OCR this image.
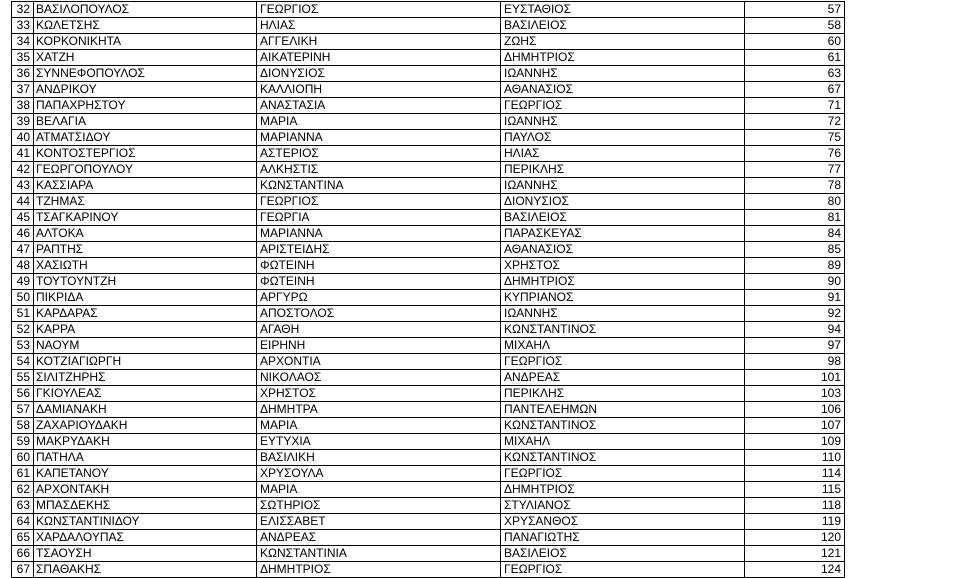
32	ΒΑΣΙΛΟΠΟΥΛΟΣ	ΓΕΩΡΓΙΟΣ	ΕΥΣΤΑΘΙΟΣ	57
33	ΚΩΛΕΤΣΗΣ	ΗΛΙΑΣ	ΒΑΣΙΛΕΙΟΣ	58
34	ΚΟΡΚΟΝΙΚΗΤΑ	ΑΓΓΕΛΙΚΗ	ΖΩΗΣ	60
35	ΧΑΤΖΗ	ΑΙΚΑΤΕΡΙΝΗ	ΔΗΜΗΤΡΙΟΣ	61
36	ΣΥΝΝΕΦΟΠΟΥΛΟΣ	ΔΙΟΝΥΣΙΟΣ	ΙΩΑΝΝΗΣ	63
37	ΑΝΔΡΙΚΟΥ	ΚΑΛΛΙΟΠΗ	ΑΘΑΝΑΣΙΟΣ	67
38	ΠΑΠΑΧΡΗΣΤΟΥ	ΑΝΑΣΤΑΣΙΑ	ΓΕΩΡΓΙΟΣ	71
39	ΒΕΛΑΓΙΑ	ΜΑΡΙΑ	ΙΩΑΝΝΗΣ	72
40	ΑΤΜΑΤΣΙΔΟΥ	ΜΑΡΙΑΝΝΑ	ΠΑΥΛΟΣ	75
41	ΚΟΝΤΟΣΤΕΡΓΙΟΣ	ΑΣΤΕΡΙΟΣ	ΗΛΙΑΣ	76
42	ΓΕΩΡΓΟΠΟΥΛΟΥ	ΑΛΚΗΣΤΙΣ	ΠΕΡΙΚΛΗΣ	77
43	ΚΑΣΣΙΑΡΑ	ΚΩΝΣΤΑΝΤΙΝΑ	ΙΩΑΝΝΗΣ	78
44	ΤΖΗΜΑΣ	ΓΕΩΡΓΙΟΣ	ΔΙΟΝΥΣΙΟΣ	80
45	ΤΣΑΓΚΑΡΙΝΟΥ	ΓΕΩΡΓΙΑ	ΒΑΣΙΛΕΙΟΣ	81
46	ΑΛΤΟΚΑ	ΜΑΡΙΑΝΝΑ	ΠΑΡΑΣΚΕΥΑΣ	84
47	ΡΑΠΤΗΣ	ΑΡΙΣΤΕΙΔΗΣ	ΑΘΑΝΑΣΙΟΣ	85
48	ΧΑΣΙΩΤΗ	ΦΩΤΕΙΝΗ	ΧΡΗΣΤΟΣ	89
49	ΤΟΥΤΟΥΝΤΖΗ	ΦΩΤΕΙΝΗ	ΔΗΜΗΤΡΙΟΣ	90
50	ΠΙΚΡΙΔΑ	ΑΡΓΥΡΩ	ΚΥΠΡΙΑΝΟΣ	91
51	ΚΑΡΔΑΡΑΣ	ΑΠΟΣΤΟΛΟΣ	ΙΩΑΝΝΗΣ	92
52	ΚΑΡΡΑ	ΑΓΑΘΗ	ΚΩΝΣΤΑΝΤΙΝΟΣ	94
53	ΝΑΟΥΜ	ΕΙΡΗΝΗ	ΜΙΧΑΗΛ	97
54	ΚΟΤΖΙΑΓΙΩΡΓΗ	ΑΡΧΟΝΤΙΑ	ΓΕΩΡΓΙΟΣ	98
55	ΣΙΛΙΤΖΗΡΗΣ	ΝΙΚΟΛΑΟΣ	ΑΝΔΡΕΑΣ	101
56	ΓΚΙΟΥΛΕΑΣ	ΧΡΗΣΤΟΣ	ΠΕΡΙΚΛΗΣ	103
57	ΔΑΜΙΑΝΑΚΗ	ΔΗΜΗΤΡΑ	ΠΑΝΤΕΛΕΗΜΩΝ	106
58	ΖΑΧΑΡΙΟΥΔΑΚΗ	ΜΑΡΙΑ	ΚΩΝΣΤΑΝΤΙΝΟΣ	107
59	ΜΑΚΡΥΔΑΚΗ	ΕΥΤΥΧΙΑ	ΜΙΧΑΗΛ	109
60	ΠΑΤΗΛΑ	ΒΑΣΙΛΙΚΗ	ΚΩΝΣΤΑΝΤΙΝΟΣ	110
61	ΚΑΠΕΤΑΝΟΥ	ΧΡΥΣΟΥΛΑ	ΓΕΩΡΓΙΟΣ	114
62	ΑΡΧΟΝΤΑΚΗ	ΜΑΡΙΑ	ΔΗΜΗΤΡΙΟΣ	115
63	ΜΠΑΣΔΕΚΗΣ	ΣΩΤΗΡΙΟΣ	ΣΤΥΛΙΑΝΟΣ	118
64	ΚΩΝΣΤΑΝΤΙΝΙΔΟΥ	ΕΛΙΣΣΑΒΕΤ	ΧΡΥΣΑΝΘΟΣ	119
65	ΧΑΡΔΑΛΟΥΠΑΣ	ΑΝΔΡΕΑΣ	ΠΑΝΑΓΙΩΤΗΣ	120
66	ΤΣΑΟΥΣΗ	ΚΩΝΣΤΑΝΤΙΝΙΑ	ΒΑΣΙΛΕΙΟΣ	121
67	ΣΠΑΘΑΚΗΣ	ΔΗΜΗΤΡΙΟΣ	ΓΕΩΡΓΙΟΣ	124
